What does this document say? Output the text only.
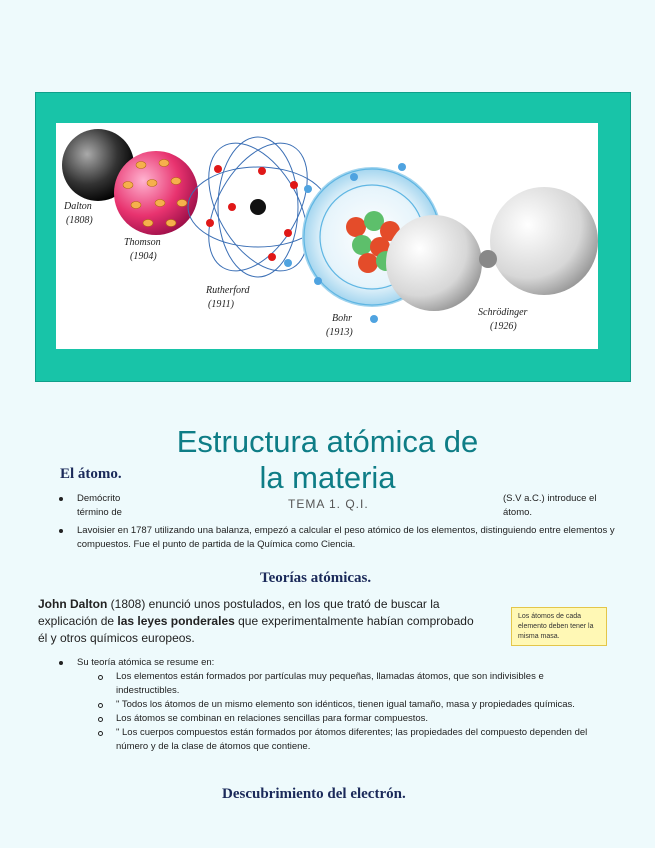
Dalton
(1808)
Thomson
(1904)
Rutherford
(1911)
Bohr
(1913)
Schrödinger
(1926)
Estructura atómica de
la materia
TEMA 1. Q.I.
El átomo.
Demócrito	(S.V a.C.) introduce el

término de	átomo.
Lavoisier en 1787 utilizando una balanza, empezó a calcular el peso atómico de los elementos, distinguiendo entre elementos y compuestos. Fue el punto de partida de la Química como Ciencia.
Teorías atómicas.
John Dalton (1808) enunció unos postulados, en los que trató de buscar la explicación de las leyes ponderales que experimentalmente habían comprobado él y otros químicos europeos.
Los átomos de cada elemento deben tener la misma masa.
Su teoría atómica se resume en:
Los elementos están formados por partículas muy pequeñas, llamadas átomos, que son indivisibles e indestructibles.
" Todos los átomos de un mismo elemento son idénticos, tienen igual tamaño, masa y propiedades químicas.
Los átomos se combinan en relaciones sencillas para formar compuestos.
" Los cuerpos compuestos están formados por átomos diferentes; las propiedades del compuesto dependen del número y de la clase de átomos que contiene.
Descubrimiento del electrón.
